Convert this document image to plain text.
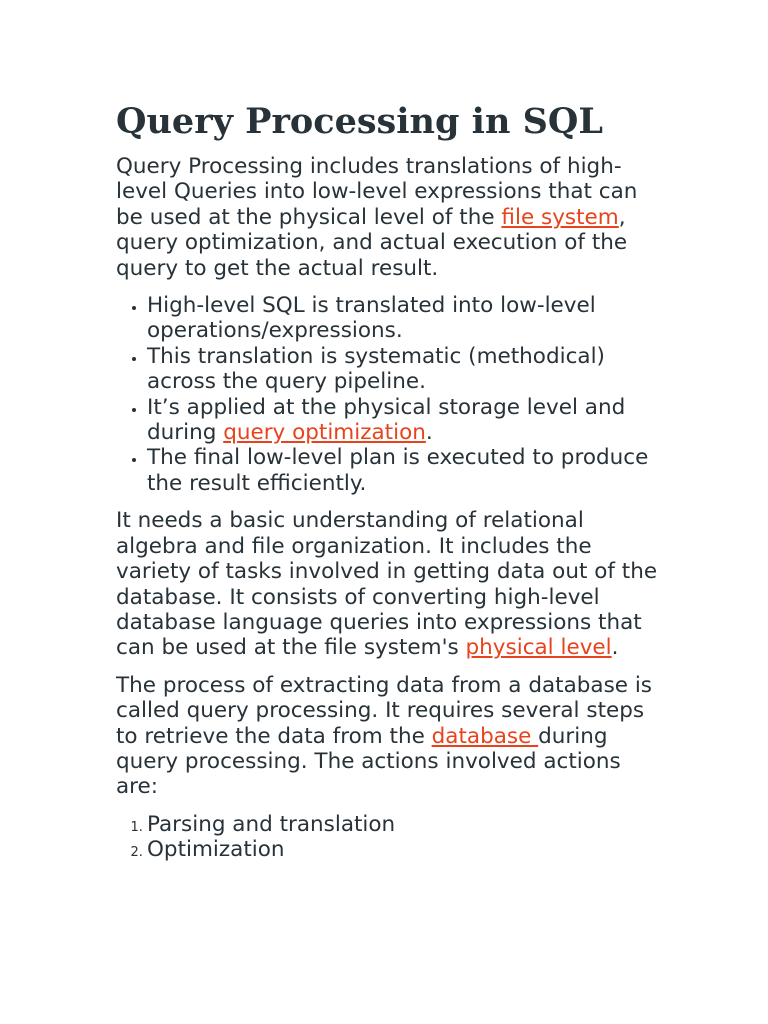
Query Processing in SQL

Query Processing includes translations of high-level Queries into low-level expressions that can be used at the physical level of the file system, query optimization, and actual execution of the query to get the actual result.

• High-level SQL is translated into low-level operations/expressions.
• This translation is systematic (methodical) across the query pipeline.
• It’s applied at the physical storage level and during query optimization.
• The final low-level plan is executed to produce the result efficiently.

It needs a basic understanding of relational algebra and file organization. It includes the variety of tasks involved in getting data out of the database. It consists of converting high-level database language queries into expressions that can be used at the file system's physical level.

The process of extracting data from a database is called query processing. It requires several steps to retrieve the data from the database during query processing. The actions involved actions are:

1. Parsing and translation
2. Optimization
